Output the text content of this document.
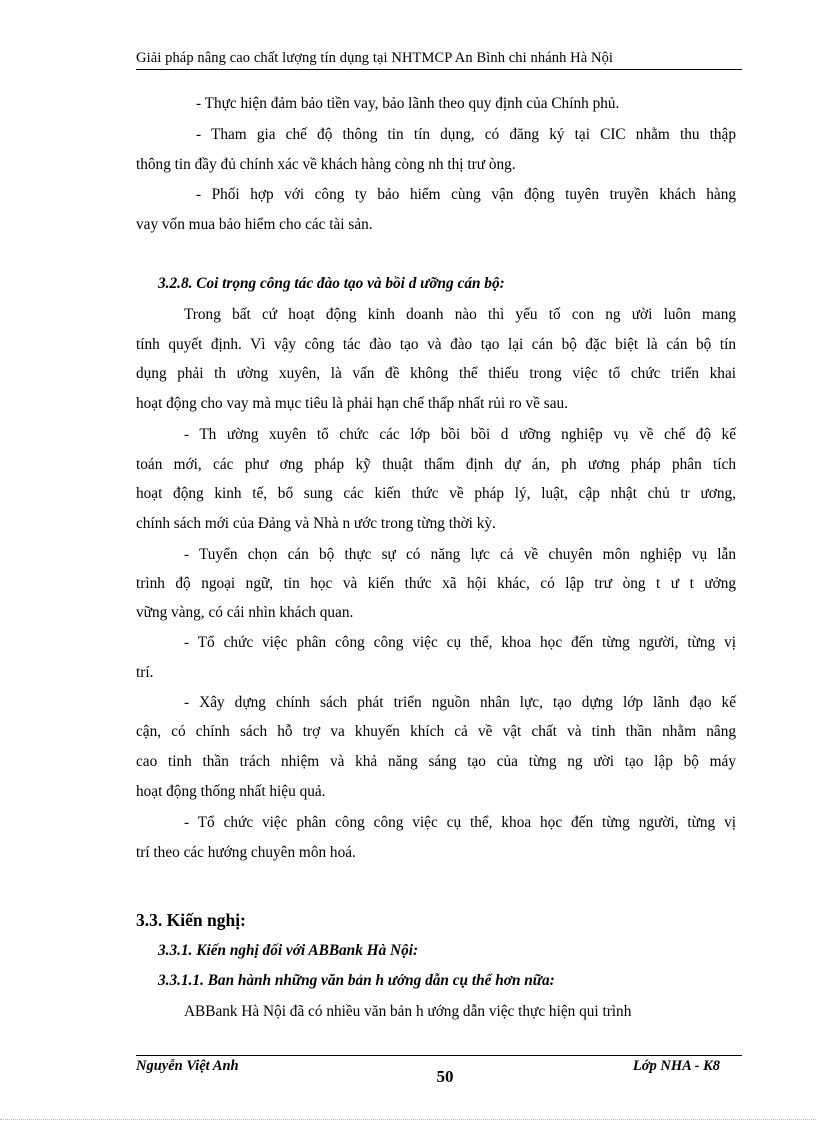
Giải pháp nâng cao chất lượng tín dụng tại NHTMCP An Bình chi nhánh Hà Nội
- Thực hiện đảm bảo tiền vay, bảo lãnh theo quy định của Chính phủ.
- Tham gia chế độ thông tin tín dụng, có đăng ký tại CIC nhằm thu thập
thông tin đầy đủ chính xác về khách hàng còng nh thị trư òng.
- Phối hợp với công ty bảo hiểm cùng vận động tuyên truyền khách hàng
vay vốn mua bảo hiểm cho các tài sản.
3.2.8. Coi trọng công tác đào tạo và bồi d ưỡng cán bộ:
Trong bất cứ hoạt động kinh doanh nào thì yếu tố con ng ười luôn mang
tính quyết định. Vì vậy công tác đào tạo và đào tạo lại cán bộ đặc biệt là cán bộ tín
dụng phải th ường xuyên, là vấn đề không thể thiếu trong việc tổ chức triển khai
hoạt động cho vay mà mục tiêu là phải hạn chế thấp nhất rủi ro về sau.
- Th ường xuyên tổ chức các lớp bồi bồi d ưỡng nghiệp vụ về chế độ kế
toán mới, các phư ơng pháp kỹ thuật thẩm định dự án, ph ương pháp phân tích
hoạt động kinh tế, bổ sung các kiến thức về pháp lý, luật, cập nhật chủ tr ương,
chính sách mới của Đảng và Nhà n ước trong từng thời kỳ.
- Tuyển chọn cán bộ thực sự có năng lực cả về chuyên môn nghiệp vụ lẫn
trình độ ngoại ngữ, tin học và kiến thức xã hội khác, có lập trư òng t ư t ưởng
vững vàng, có cái nhìn khách quan.
- Tổ chức việc phân công công việc cụ thể, khoa học đến từng người, từng vị
trí.
- Xây dựng chính sách phát triển nguồn nhân lực, tạo dựng lớp lãnh đạo kế
cận, có chính sách hỗ trợ va khuyến khích cả về vật chất và tinh thần nhằm nâng
cao tinh thần trách nhiệm và khả năng sáng tạo của từng ng ười tạo lập bộ máy
hoạt động thống nhất hiệu quả.
- Tổ chức việc phân công công việc cụ thể, khoa học đến từng người, từng vị
trí theo các hướng chuyên môn hoá.
3.3. Kiến nghị:
3.3.1. Kiến nghị đối với ABBank Hà Nội:
3.3.1.1. Ban hành những văn bản h ướng dẫn cụ thể hơn nữa:
ABBank Hà Nội đã có nhiều văn bản h ướng dẫn việc thực hiện qui trình
Nguyễn Việt Anh	Lớp NHA - K8
50
